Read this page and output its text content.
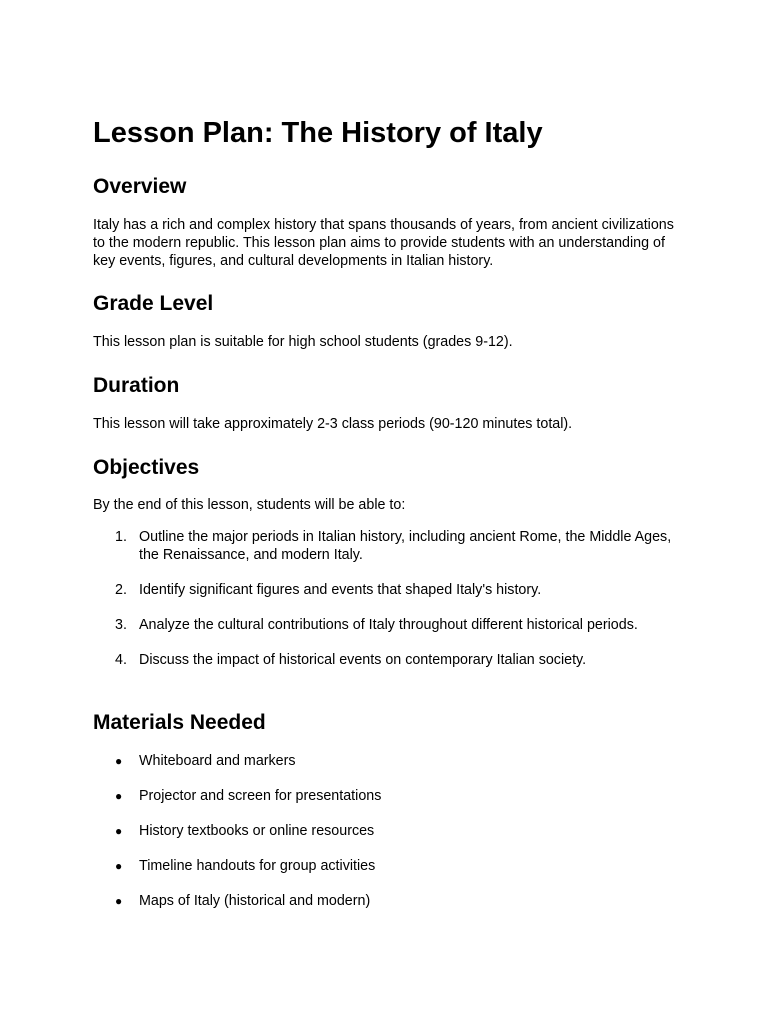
Lesson Plan: The History of Italy
Overview

Italy has a rich and complex history that spans thousands of years, from ancient civilizations to the modern republic. This lesson plan aims to provide students with an understanding of key events, figures, and cultural developments in Italian history.

Grade Level

This lesson plan is suitable for high school students (grades 9-12).

Duration

This lesson will take approximately 2-3 class periods (90-120 minutes total).

Objectives

By the end of this lesson, students will be able to:

1. Outline the major periods in Italian history, including ancient Rome, the Middle Ages, the Renaissance, and modern Italy.
2. Identify significant figures and events that shaped Italy's history.
3. Analyze the cultural contributions of Italy throughout different historical periods.
4. Discuss the impact of historical events on contemporary Italian society.
Materials Needed
●	Whiteboard and markers
●	Projector and screen for presentations
●	History textbooks or online resources
●	Timeline handouts for group activities
●	Maps of Italy (historical and modern)
